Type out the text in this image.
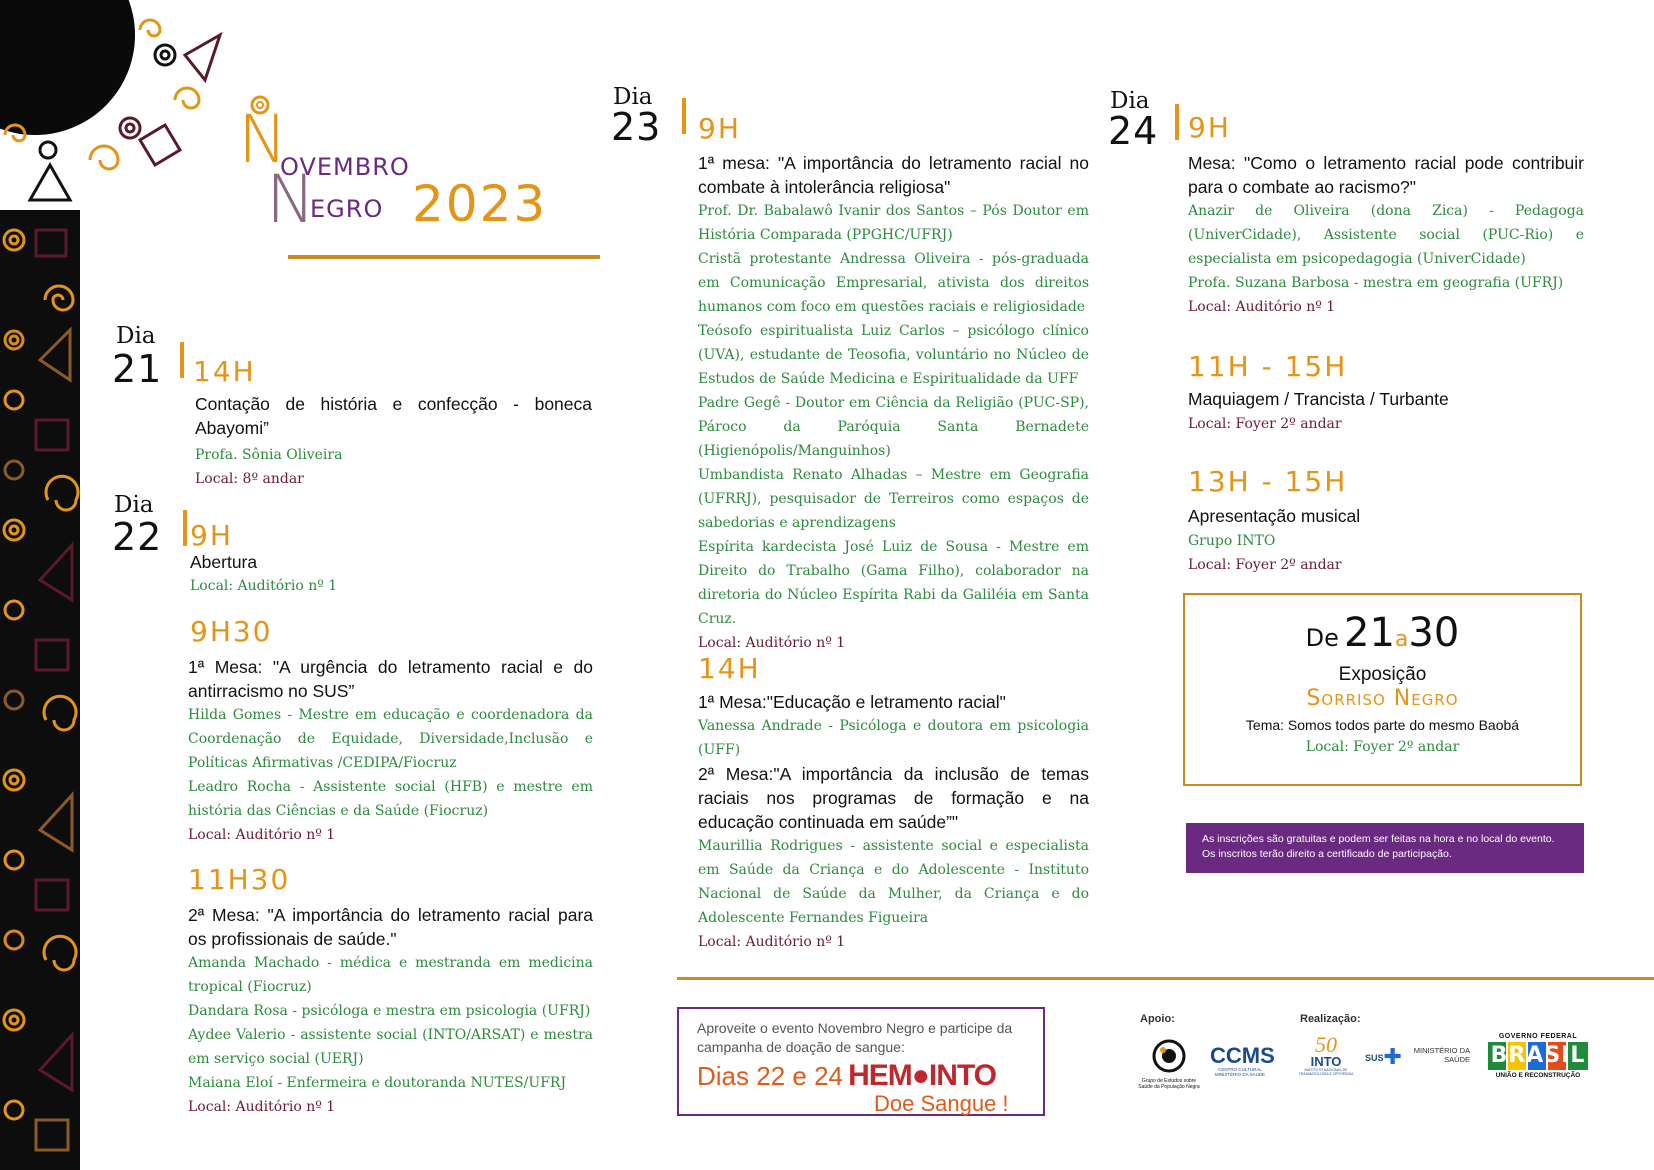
N
OVEMBRO
N
EGRO 2023
Dia
21 14H
Contação de história e confecção - boneca Abayomi”
Profa. Sônia Oliveira
Local: 8º andar
Dia
22 9H
Abertura
Local: Auditório nº 1
9H30
1ª Mesa: "A urgência do letramento racial e do antirracismo no SUS”
Hilda Gomes - Mestre em educação e coordenadora da Coordenação de Equidade, Diversidade,Inclusão e Políticas Afirmativas /CEDIPA/Fiocruz
Leadro Rocha - Assistente social (HFB) e mestre em história das Ciências e da Saúde (Fiocruz)
Local: Auditório nº 1
11H30
2ª Mesa: "A importância do letramento racial para os profissionais de saúde."
Amanda Machado - médica e mestranda em medicina tropical (Fiocruz)
Dandara Rosa - psicóloga e mestra em psicologia (UFRJ)
Aydee Valerio - assistente social (INTO/ARSAT) e mestra em serviço social (UERJ)
Maiana Eloí - Enfermeira e doutoranda NUTES/UFRJ
Local: Auditório nº 1
Dia
23 9H
1ª mesa: "A importância do letramento racial no combate à intolerância religiosa"
Prof. Dr. Babalawô Ivanir dos Santos – Pós Doutor em História Comparada (PPGHC/UFRJ)
Cristã protestante Andressa Oliveira - pós-graduada em Comunicação Empresarial, ativista dos direitos humanos com foco em questões raciais e religiosidade
Teósofo espiritualista Luiz Carlos – psicólogo clínico (UVA), estudante de Teosofia, voluntário no Núcleo de Estudos de Saúde Medicina e Espiritualidade da UFF
Padre Gegê - Doutor em Ciência da Religião (PUC-SP), Pároco da Paróquia Santa Bernadete (Higienópolis/Manguinhos)
Umbandista Renato Alhadas – Mestre em Geografia (UFRRJ), pesquisador de Terreiros como espaços de sabedorias e aprendizagens
Espírita kardecista José Luiz de Sousa - Mestre em Direito do Trabalho (Gama Filho), colaborador na diretoria do Núcleo Espírita Rabi da Galiléia em Santa Cruz.
Local: Auditório nº 1
14H
1ª Mesa:"Educação e letramento racial"
Vanessa Andrade - Psicóloga e doutora em psicologia (UFF)
2ª Mesa:"A importância da inclusão de temas raciais nos programas de formação e na educação continuada em saúde”"
Maurillia Rodrigues - assistente social e especialista em Saúde da Criança e do Adolescente - Instituto Nacional de Saúde da Mulher, da Criança e do Adolescente Fernandes Figueira
Local: Auditório nº 1
Dia
24 9H
Mesa: "Como o letramento racial pode contribuir para o combate ao racismo?"
Anazir de Oliveira (dona Zica) - Pedagoga (UniverCidade), Assistente social (PUC-Rio) e especialista em psicopedagogia (UniverCidade)
Profa. Suzana Barbosa - mestra em geografia (UFRJ)
Local: Auditório nº 1
11H - 15H
Maquiagem / Trancista / Turbante
Local: Foyer 2º andar
13H - 15H
Apresentação musical
Grupo INTO
Local: Foyer 2º andar
De 21a30
Exposição
Sorriso Negro
Tema: Somos todos parte do mesmo Baobá
Local: Foyer 2º andar
As inscrições são gratuitas e podem ser feitas na hora e no local do evento.
Os inscritos terão direito a certificado de participação.
Aproveite o evento Novembro Negro e participe da campanha de doação de sangue:
Dias 22 e 24 HEM●INTO
Doe Sangue !
Apoio:	Realização:
Grupo de Estudos sobre Saúde da População Negra
CCMS
CENTRO CULTURAL MINISTÉRIO DA SAÚDE
50
INTO
INSTITUTO NACIONAL DE TRAUMATOLOGIA E ORTOPEDIA
SUS ✚	MINISTÉRIO DA SAÚDE
GOVERNO FEDERAL
BRASIL
UNIÃO E RECONSTRUÇÃO
